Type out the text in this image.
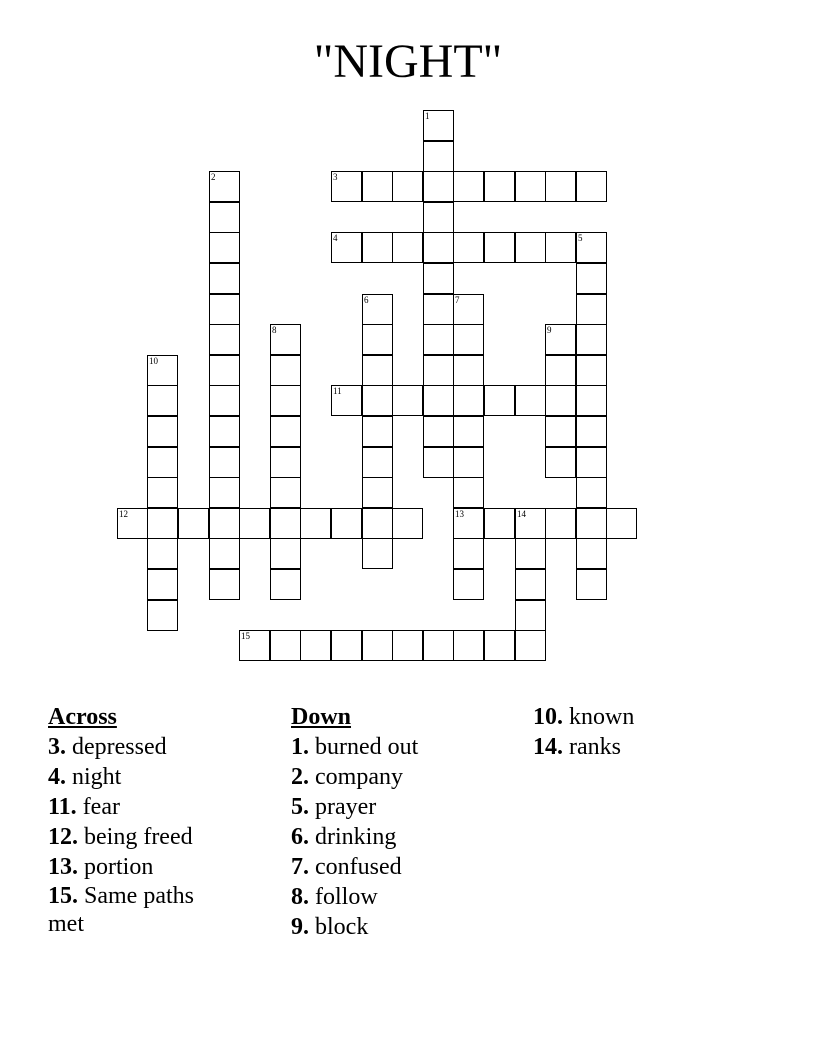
"NIGHT"
1
2	3
4	5
6	7
13
8	9
10
11
12	14
15
Across
3. depressed
4. night
11. fear
12. being freed
13. portion
15. Same paths met
Down
1. burned out
2. company
5. prayer
6. drinking
7. confused
8. follow
9. block
10. known
14. ranks
